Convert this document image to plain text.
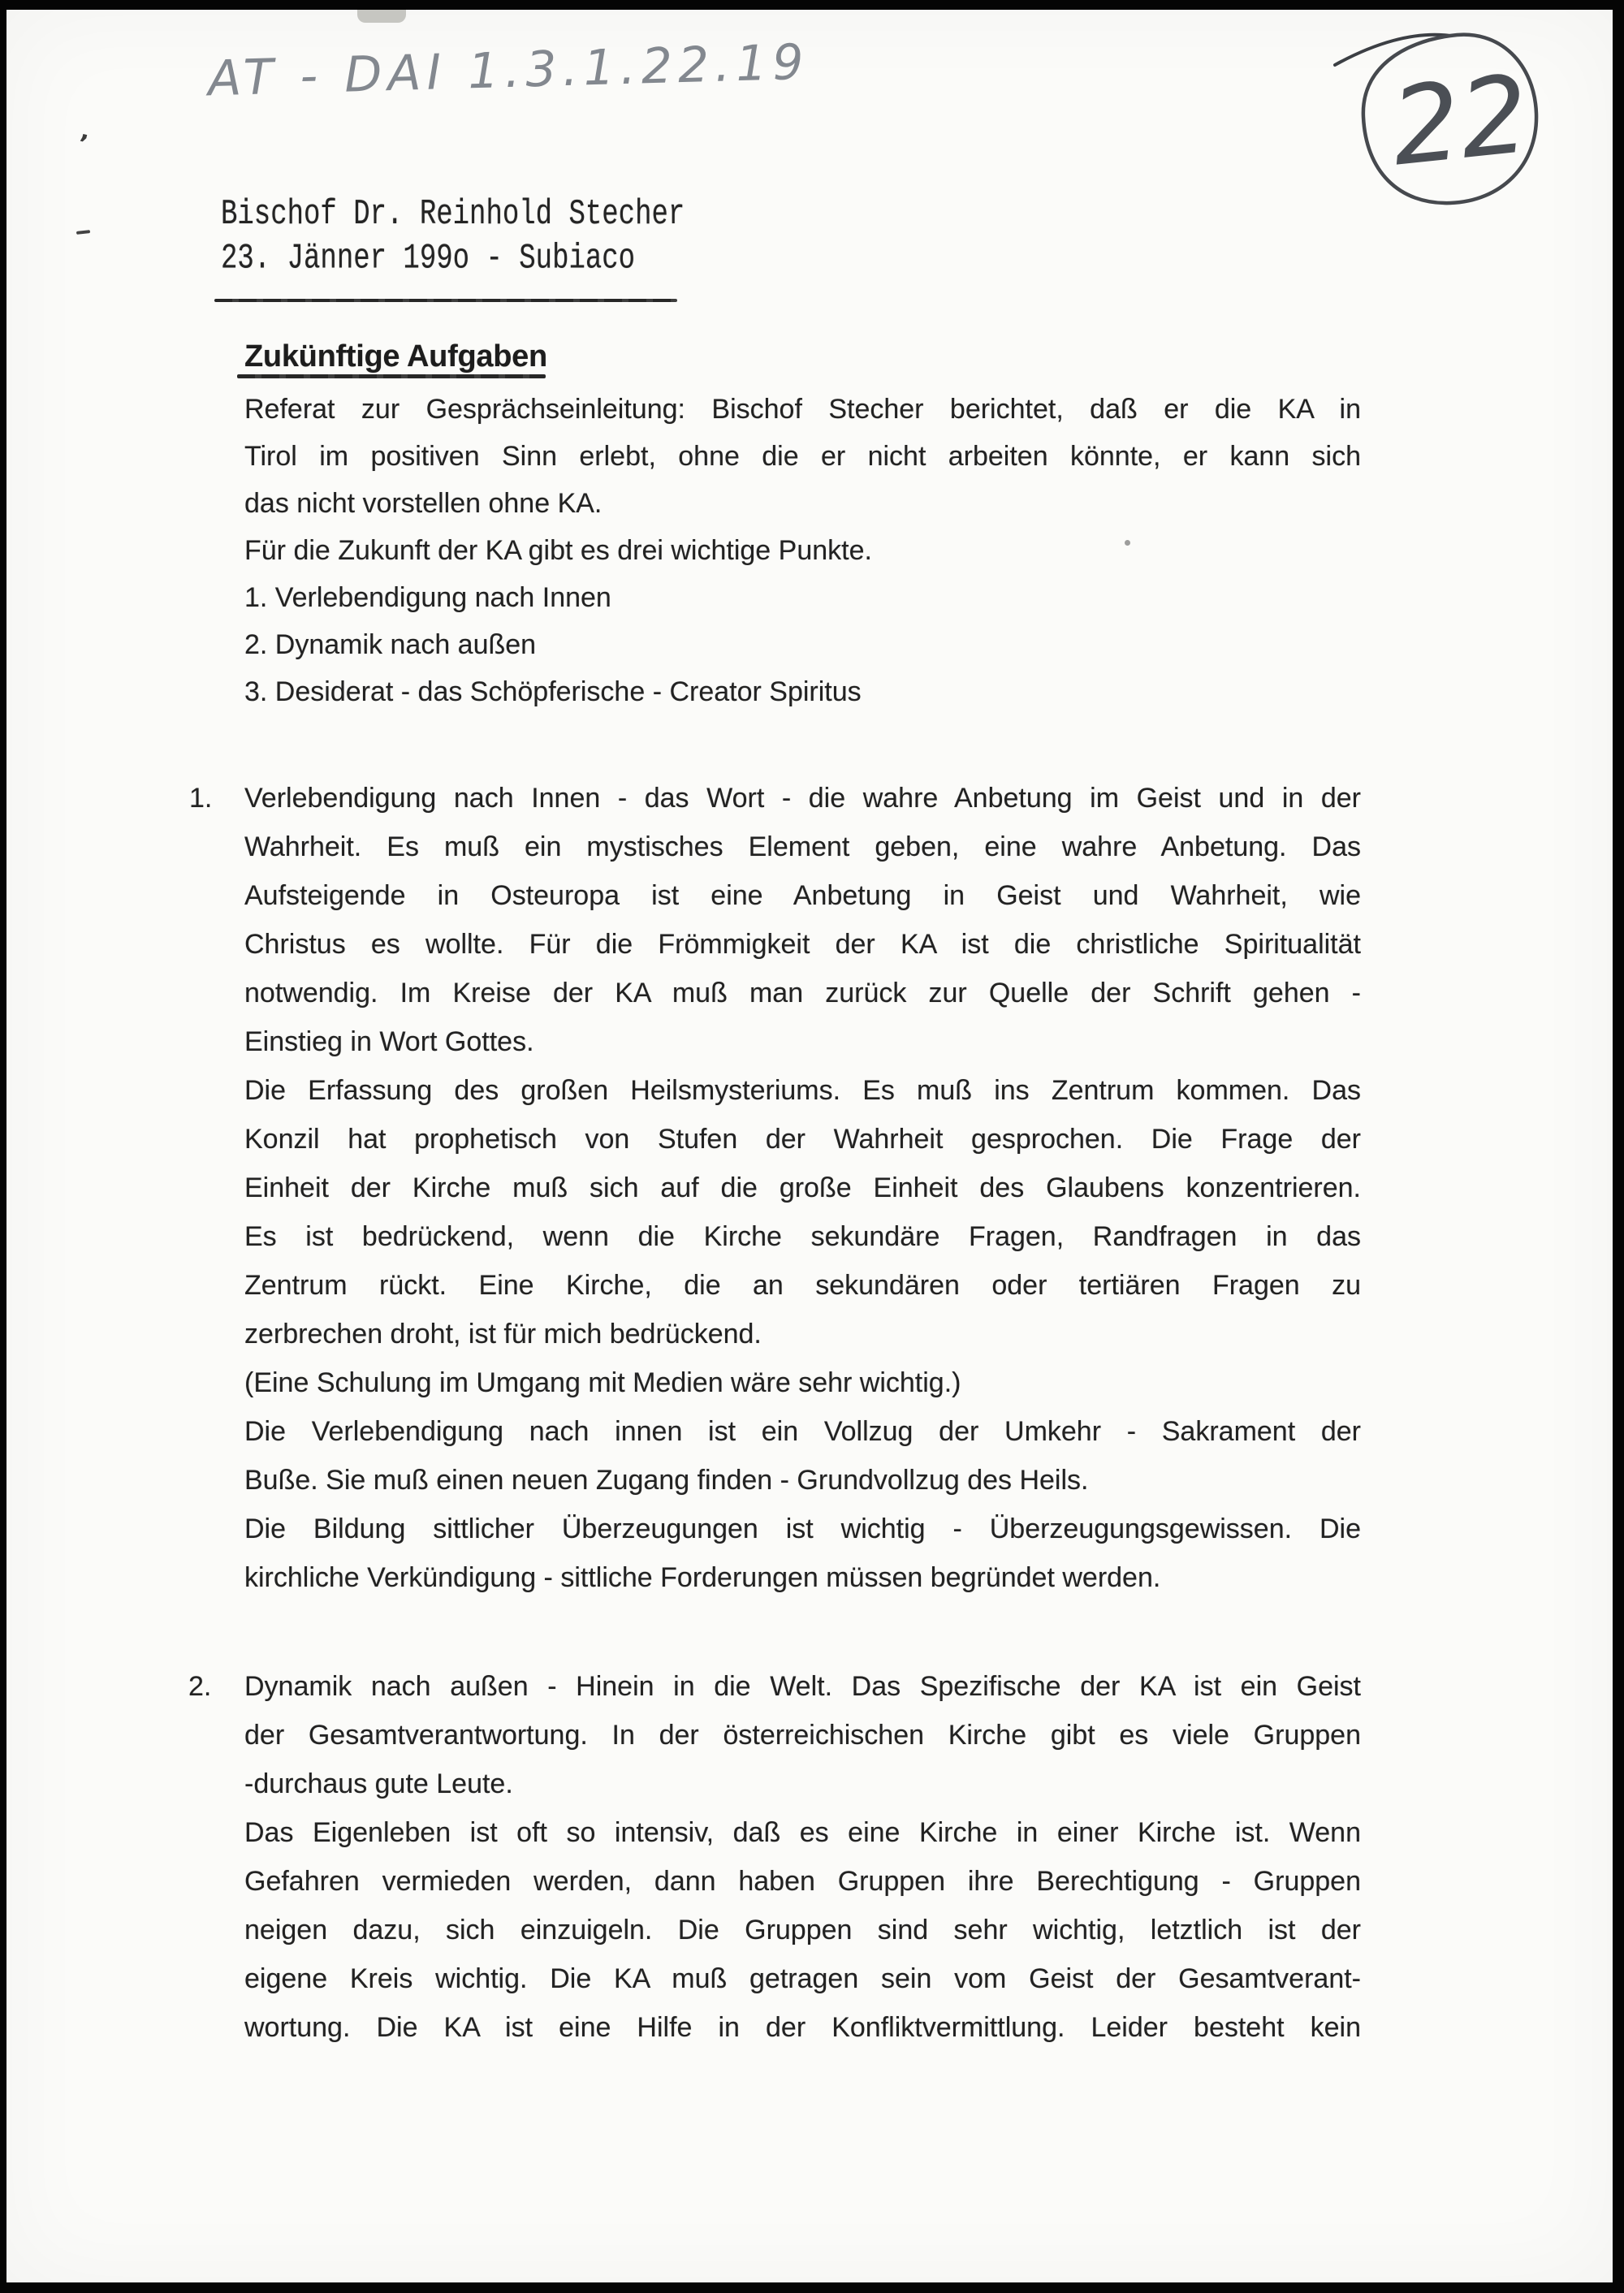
AT - DAI 1.3.1.22.19	22
Bischof Dr. Reinhold Stecher
23. Jänner 199o - Subiaco
Zukünftige Aufgaben
Referat zur Gesprächseinleitung: Bischof Stecher berichtet, daß er die KA in
Tirol im positiven Sinn erlebt, ohne die er nicht arbeiten könnte, er kann sich
das nicht vorstellen ohne KA.
Für die Zukunft der KA gibt es drei wichtige Punkte.
1. Verlebendigung nach Innen
2. Dynamik nach außen
3. Desiderat - das Schöpferische - Creator Spiritus
1. Verlebendigung nach Innen - das Wort - die wahre Anbetung im Geist und in der
Wahrheit. Es muß ein mystisches Element geben, eine wahre Anbetung. Das
Aufsteigende in Osteuropa ist eine Anbetung in Geist und Wahrheit, wie
Christus es wollte. Für die Frömmigkeit der KA ist die christliche Spiritualität
notwendig. Im Kreise der KA muß man zurück zur Quelle der Schrift gehen -
Einstieg in Wort Gottes.
Die Erfassung des großen Heilsmysteriums. Es muß ins Zentrum kommen. Das
Konzil hat prophetisch von Stufen der Wahrheit gesprochen. Die Frage der
Einheit der Kirche muß sich auf die große Einheit des Glaubens konzentrieren.
Es ist bedrückend, wenn die Kirche sekundäre Fragen, Randfragen in das
Zentrum rückt. Eine Kirche, die an sekundären oder tertiären Fragen zu
zerbrechen droht, ist für mich bedrückend.
(Eine Schulung im Umgang mit Medien wäre sehr wichtig.)
Die Verlebendigung nach innen ist ein Vollzug der Umkehr - Sakrament der
Buße. Sie muß einen neuen Zugang finden - Grundvollzug des Heils.
Die Bildung sittlicher Überzeugungen ist wichtig - Überzeugungsgewissen. Die
kirchliche Verkündigung - sittliche Forderungen müssen begründet werden.
2. Dynamik nach außen - Hinein in die Welt. Das Spezifische der KA ist ein Geist
der Gesamtverantwortung. In der österreichischen Kirche gibt es viele Gruppen
-durchaus gute Leute.
Das Eigenleben ist oft so intensiv, daß es eine Kirche in einer Kirche ist. Wenn
Gefahren vermieden werden, dann haben Gruppen ihre Berechtigung - Gruppen
neigen dazu, sich einzuigeln. Die Gruppen sind sehr wichtig, letztlich ist der
eigene Kreis wichtig. Die KA muß getragen sein vom Geist der Gesamtverant-
wortung. Die KA ist eine Hilfe in der Konfliktvermittlung. Leider besteht kein
’
